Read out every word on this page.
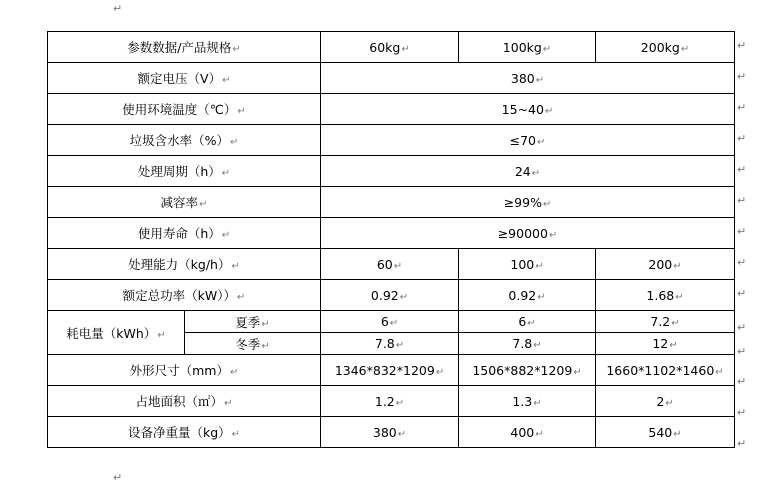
↵
参数数据/产品规格↵		60kg↵	100kg↵	200kg↵
额定电压（V）↵		380↵		
使用环境温度（℃）↵		15~40↵		
垃圾含水率（%）↵		≤70↵		
处理周期（h）↵		24↵		
减容率↵		≥99%↵		
使用寿命（h）↵		≥90000↵		
处理能力（kg/h）↵		60↵	100↵	200↵
额定总功率（kW））↵		0.92↵	0.92↵	1.68↵
耗电量（kWh）↵	夏季↵	6↵	6↵	7.2↵
	冬季↵	7.8↵	7.8↵	12↵
外形尺寸（mm）↵		1346*832*1209↵	1506*882*1209↵	1660*1102*1460↵
占地面积（㎡）↵		1.2↵	1.3↵	2↵
设备净重量（kg）↵		380↵	400↵	540↵
↵
↵
↵
↵
↵
↵
↵
↵
↵
↵
↵
↵
↵
↵
↵
